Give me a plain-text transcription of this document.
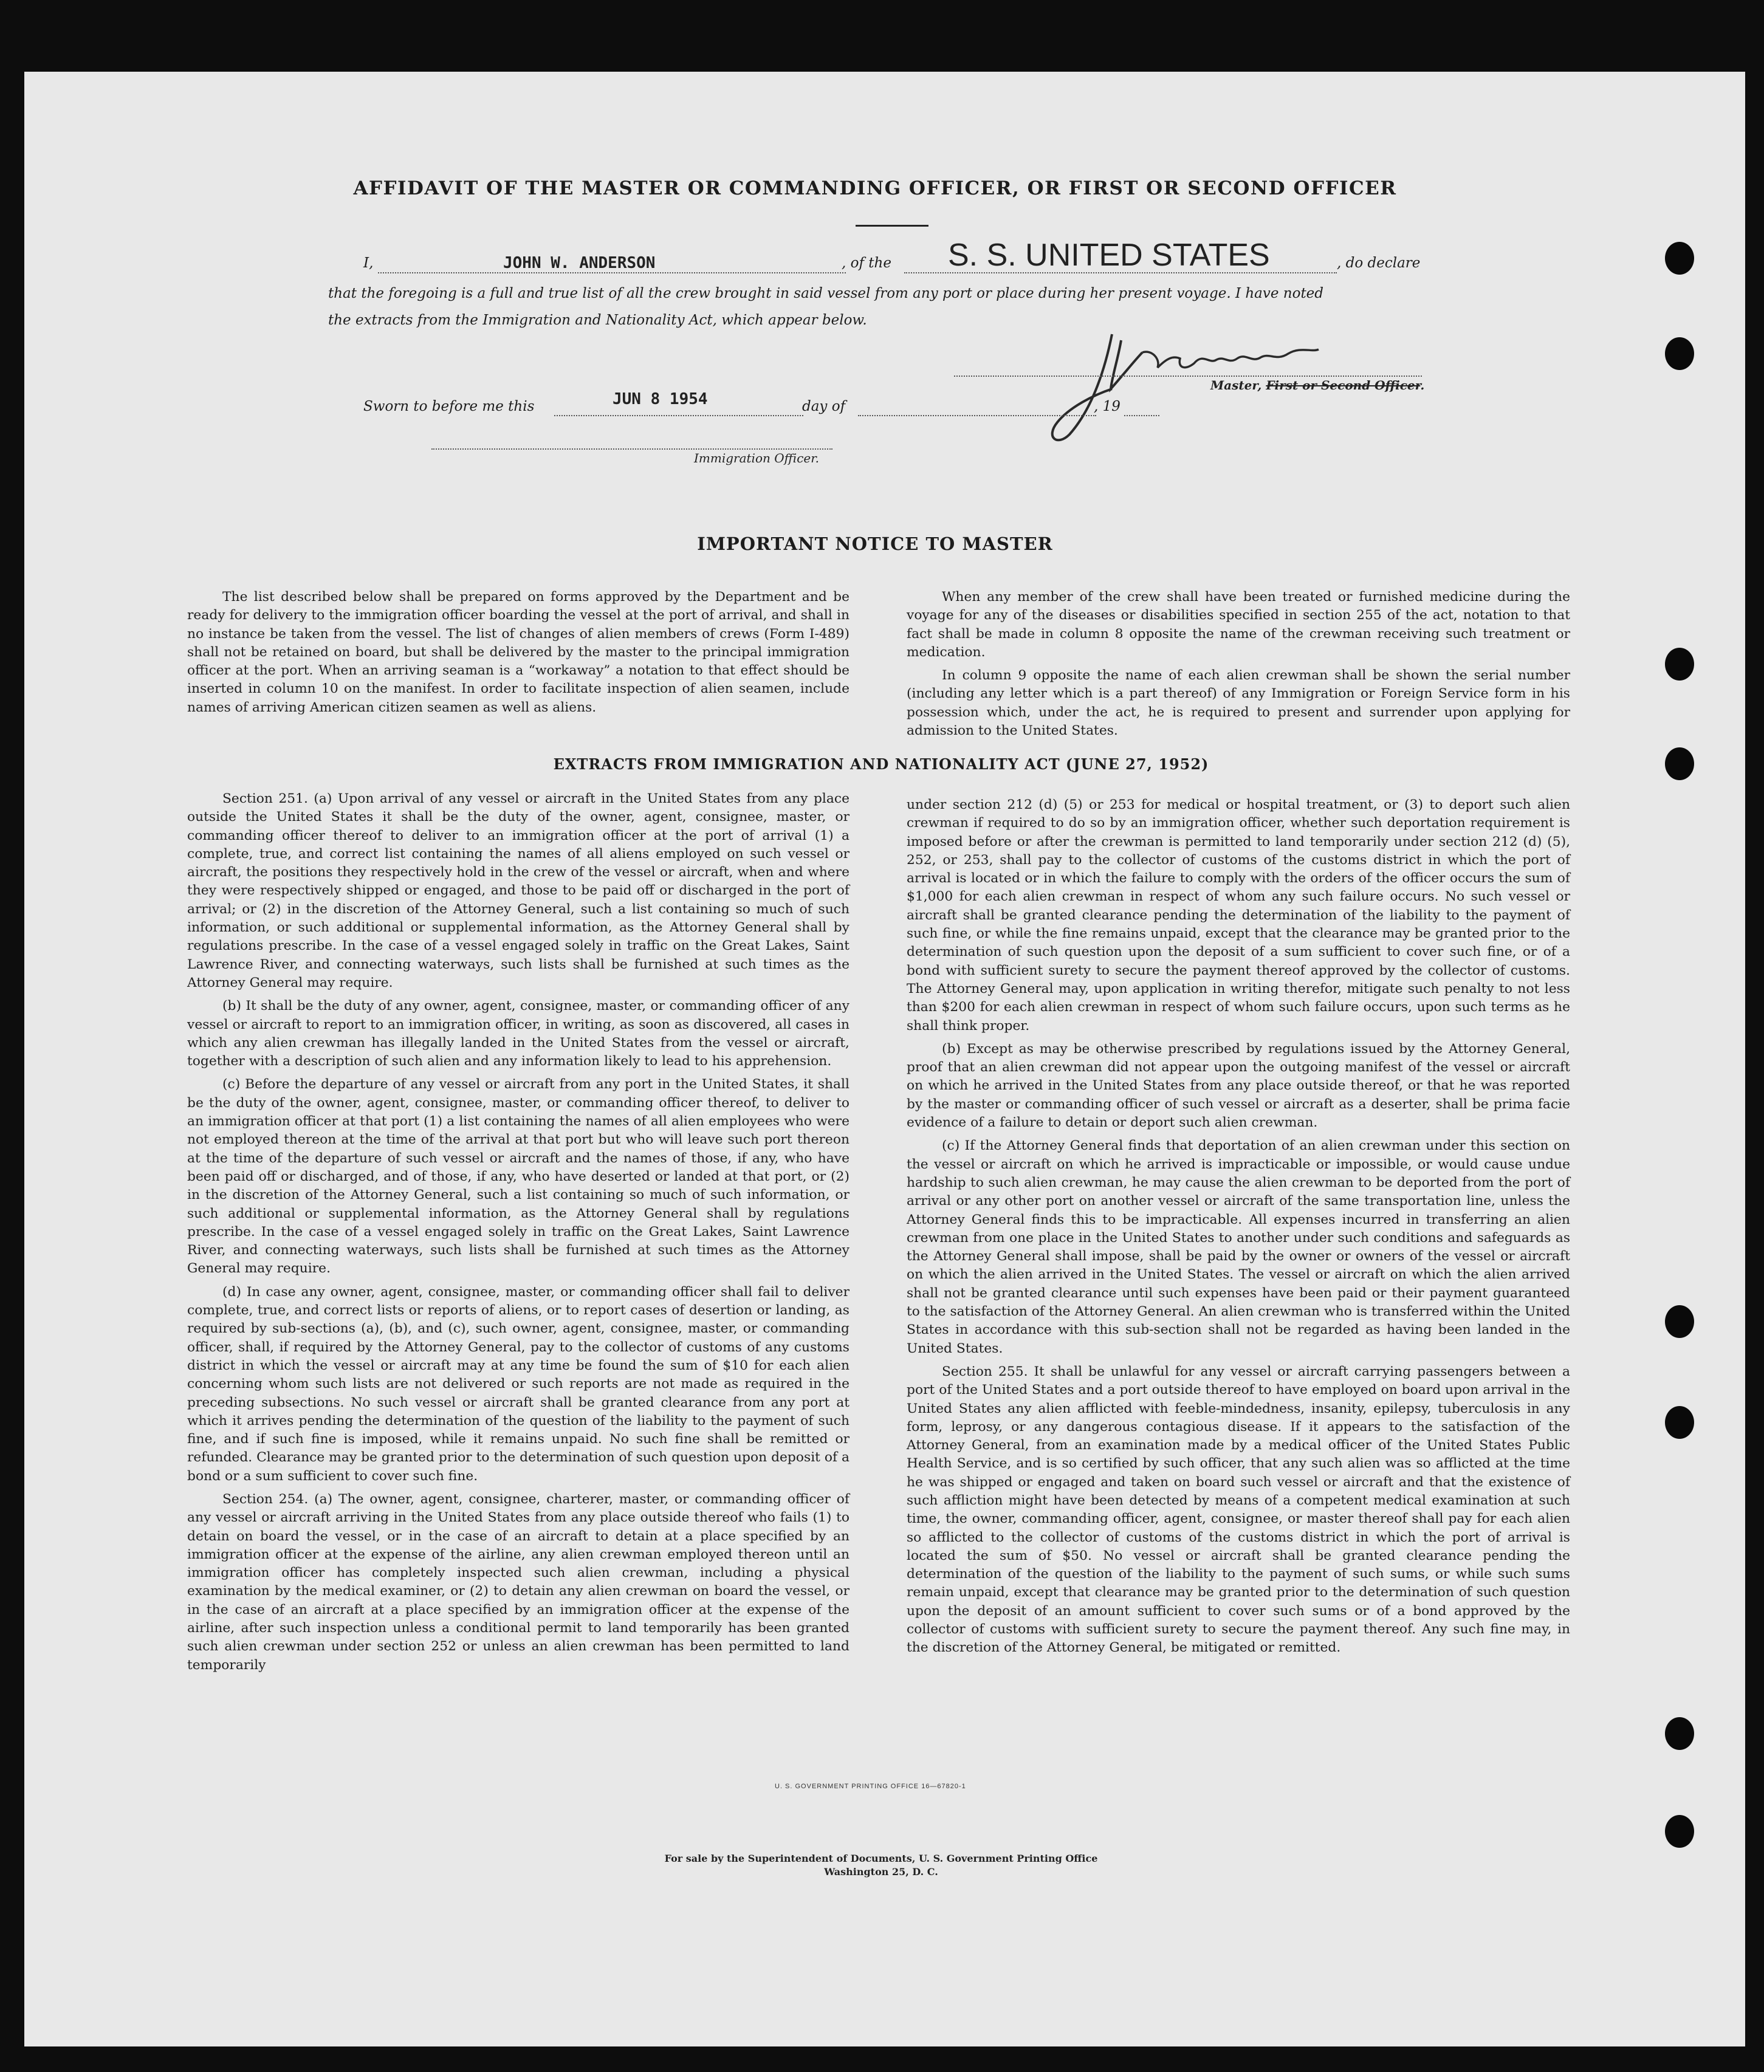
AFFIDAVIT OF THE MASTER OR COMMANDING OFFICER, OR FIRST OR SECOND OFFICER
I,	JOHN W. ANDERSON	, of the S. S. UNITED STATES	, do declare
that the foregoing is a full and true list of all the crew brought in said vessel from any port or place during her present voyage. I have noted
the extracts from the Immigration and Nationality Act, which appear below.
Master, First or Second Officer.
Sworn to before me this	JUN 8 1954	day of	, 19
Immigration Officer.
IMPORTANT NOTICE TO MASTER

The list described below shall be prepared on forms approved by the Department and be ready for delivery to the immigration officer boarding the vessel at the port of arrival, and shall in no instance be taken from the vessel. The list of changes of alien members of crews (Form I-489) shall not be retained on board, but shall be delivered by the master to the principal immigration officer at the port. When an arriving seaman is a “workaway” a notation to that effect should be inserted in column 10 on the manifest. In order to facilitate inspection of alien seamen, include names of arriving American citizen seamen as well as aliens.

When any member of the crew shall have been treated or furnished medicine during the voyage for any of the diseases or disabilities specified in section 255 of the act, notation to that fact shall be made in column 8 opposite the name of the crewman receiving such treatment or medication.

In column 9 opposite the name of each alien crewman shall be shown the serial number (including any letter which is a part thereof) of any Immigration or Foreign Service form in his possession which, under the act, he is required to present and surrender upon applying for admission to the United States.

EXTRACTS FROM IMMIGRATION AND NATIONALITY ACT (JUNE 27, 1952)

Section 251. (a) Upon arrival of any vessel or aircraft in the United States from any place outside the United States it shall be the duty of the owner, agent, consignee, master, or commanding officer thereof to deliver to an immigration officer at the port of arrival (1) a complete, true, and correct list containing the names of all aliens employed on such vessel or aircraft, the positions they respectively hold in the crew of the vessel or aircraft, when and where they were respectively shipped or engaged, and those to be paid off or discharged in the port of arrival; or (2) in the discretion of the Attorney General, such a list containing so much of such information, or such additional or supplemental information, as the Attorney General shall by regulations prescribe. In the case of a vessel engaged solely in traffic on the Great Lakes, Saint Lawrence River, and connecting waterways, such lists shall be furnished at such times as the Attorney General may require.

(b) It shall be the duty of any owner, agent, consignee, master, or commanding officer of any vessel or aircraft to report to an immigration officer, in writing, as soon as discovered, all cases in which any alien crewman has illegally landed in the United States from the vessel or aircraft, together with a description of such alien and any information likely to lead to his apprehension.

(c) Before the departure of any vessel or aircraft from any port in the United States, it shall be the duty of the owner, agent, consignee, master, or commanding officer thereof, to deliver to an immigration officer at that port (1) a list containing the names of all alien employees who were not employed thereon at the time of the arrival at that port but who will leave such port thereon at the time of the departure of such vessel or aircraft and the names of those, if any, who have been paid off or discharged, and of those, if any, who have deserted or landed at that port, or (2) in the discretion of the Attorney General, such a list containing so much of such information, or such additional or supplemental information, as the Attorney General shall by regulations prescribe. In the case of a vessel engaged solely in traffic on the Great Lakes, Saint Lawrence River, and connecting waterways, such lists shall be furnished at such times as the Attorney General may require.

(d) In case any owner, agent, consignee, master, or commanding officer shall fail to deliver complete, true, and correct lists or reports of aliens, or to report cases of desertion or landing, as required by sub-sections (a), (b), and (c), such owner, agent, consignee, master, or commanding officer, shall, if required by the Attorney General, pay to the collector of customs of any customs district in which the vessel or aircraft may at any time be found the sum of $10 for each alien concerning whom such lists are not delivered or such reports are not made as required in the preceding subsections. No such vessel or aircraft shall be granted clearance from any port at which it arrives pending the determination of the question of the liability to the payment of such fine, and if such fine is imposed, while it remains unpaid. No such fine shall be remitted or refunded. Clearance may be granted prior to the determination of such question upon deposit of a bond or a sum sufficient to cover such fine.

Section 254. (a) The owner, agent, consignee, charterer, master, or commanding officer of any vessel or aircraft arriving in the United States from any place outside thereof who fails (1) to detain on board the vessel, or in the case of an aircraft to detain at a place specified by an immigration officer at the expense of the airline, any alien crewman employed thereon until an immigration officer has completely inspected such alien crewman, including a physical examination by the medical examiner, or (2) to detain any alien crewman on board the vessel, or in the case of an aircraft at a place specified by an immigration officer at the expense of the airline, after such inspection unless a conditional permit to land temporarily has been granted such alien crewman under section 252 or unless an alien crewman has been permitted to land temporarily

under section 212 (d) (5) or 253 for medical or hospital treatment, or (3) to deport such alien crewman if required to do so by an immigration officer, whether such deportation requirement is imposed before or after the crewman is permitted to land temporarily under section 212 (d) (5), 252, or 253, shall pay to the collector of customs of the customs district in which the port of arrival is located or in which the failure to comply with the orders of the officer occurs the sum of $1,000 for each alien crewman in respect of whom any such failure occurs. No such vessel or aircraft shall be granted clearance pending the determination of the liability to the payment of such fine, or while the fine remains unpaid, except that the clearance may be granted prior to the determination of such question upon the deposit of a sum sufficient to cover such fine, or of a bond with sufficient surety to secure the payment thereof approved by the collector of customs. The Attorney General may, upon application in writing therefor, mitigate such penalty to not less than $200 for each alien crewman in respect of whom such failure occurs, upon such terms as he shall think proper.

(b) Except as may be otherwise prescribed by regulations issued by the Attorney General, proof that an alien crewman did not appear upon the outgoing manifest of the vessel or aircraft on which he arrived in the United States from any place outside thereof, or that he was reported by the master or commanding officer of such vessel or aircraft as a deserter, shall be prima facie evidence of a failure to detain or deport such alien crewman.

(c) If the Attorney General finds that deportation of an alien crewman under this section on the vessel or aircraft on which he arrived is impracticable or impossible, or would cause undue hardship to such alien crewman, he may cause the alien crewman to be deported from the port of arrival or any other port on another vessel or aircraft of the same transportation line, unless the Attorney General finds this to be impracticable. All expenses incurred in transferring an alien crewman from one place in the United States to another under such conditions and safeguards as the Attorney General shall impose, shall be paid by the owner or owners of the vessel or aircraft on which the alien arrived in the United States. The vessel or aircraft on which the alien arrived shall not be granted clearance until such expenses have been paid or their payment guaranteed to the satisfaction of the Attorney General. An alien crewman who is transferred within the United States in accordance with this sub-section shall not be regarded as having been landed in the United States.

Section 255. It shall be unlawful for any vessel or aircraft carrying passengers between a port of the United States and a port outside thereof to have employed on board upon arrival in the United States any alien afflicted with feeble-mindedness, insanity, epilepsy, tuberculosis in any form, leprosy, or any dangerous contagious disease. If it appears to the satisfaction of the Attorney General, from an examination made by a medical officer of the United States Public Health Service, and is so certified by such officer, that any such alien was so afflicted at the time he was shipped or engaged and taken on board such vessel or aircraft and that the existence of such affliction might have been detected by means of a competent medical examination at such time, the owner, commanding officer, agent, consignee, or master thereof shall pay for each alien so afflicted to the collector of customs of the customs district in which the port of arrival is located the sum of $50. No vessel or aircraft shall be granted clearance pending the determination of the question of the liability to the payment of such sums, or while such sums remain unpaid, except that clearance may be granted prior to the determination of such question upon the deposit of an amount sufficient to cover such sums or of a bond approved by the collector of customs with sufficient surety to secure the payment thereof. Any such fine may, in the discretion of the Attorney General, be mitigated or remitted.

U. S. GOVERNMENT PRINTING OFFICE 16—67820-1
For sale by the Superintendent of Documents, U. S. Government Printing Office
Washington 25, D. C.
